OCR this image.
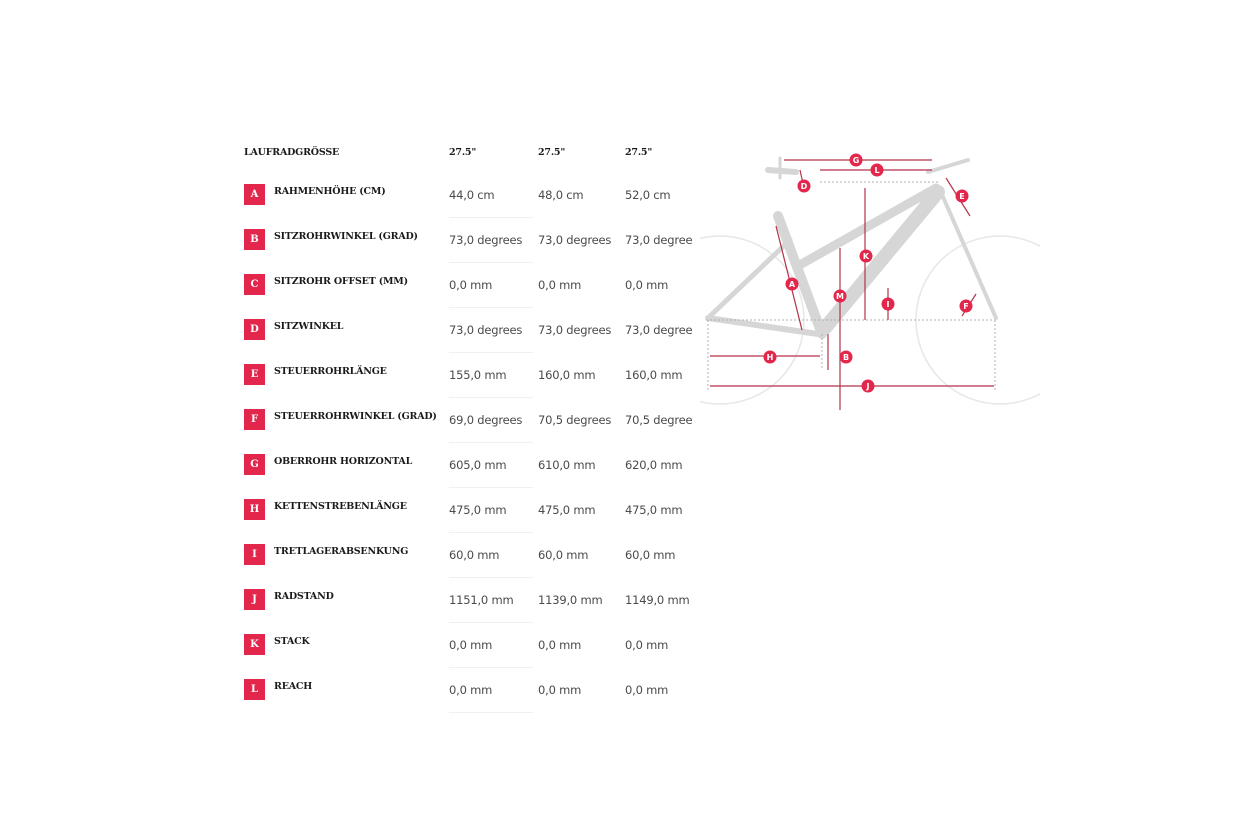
LAUFRADGRÖSSE	27.5"	27.5"	27.5"
A	RAHMENHÖHE (CM)	44,0 cm	48,0 cm	52,0 cm
B	SITZROHRWINKEL (GRAD)	73,0 degrees 73,0 degrees 73,0 degree
C	SITZROHR OFFSET (MM)	0,0 mm	0,0 mm	0,0 mm
D	SITZWINKEL	73,0 degrees 73,0 degrees 73,0 degree
E	STEUERROHRLÄNGE	155,0 mm	160,0 mm	160,0 mm
F	STEUERROHRWINKEL (GRAD) 69,0 degrees 70,5 degrees 70,5 degree
G	OBERROHR HORIZONTAL	605,0 mm	610,0 mm	620,0 mm
H	KETTENSTREBENLÄNGE	475,0 mm	475,0 mm	475,0 mm
I	TRETLAGERABSENKUNG	60,0 mm	60,0 mm	60,0 mm
J	RADSTAND	1151,0 mm 1139,0 mm 1149,0 mm
K	STACK	0,0 mm	0,0 mm	0,0 mm
L	REACH	0,0 mm	0,0 mm	0,0 mm
G
L
D
E
A
K
M
I	F
H	B
J
